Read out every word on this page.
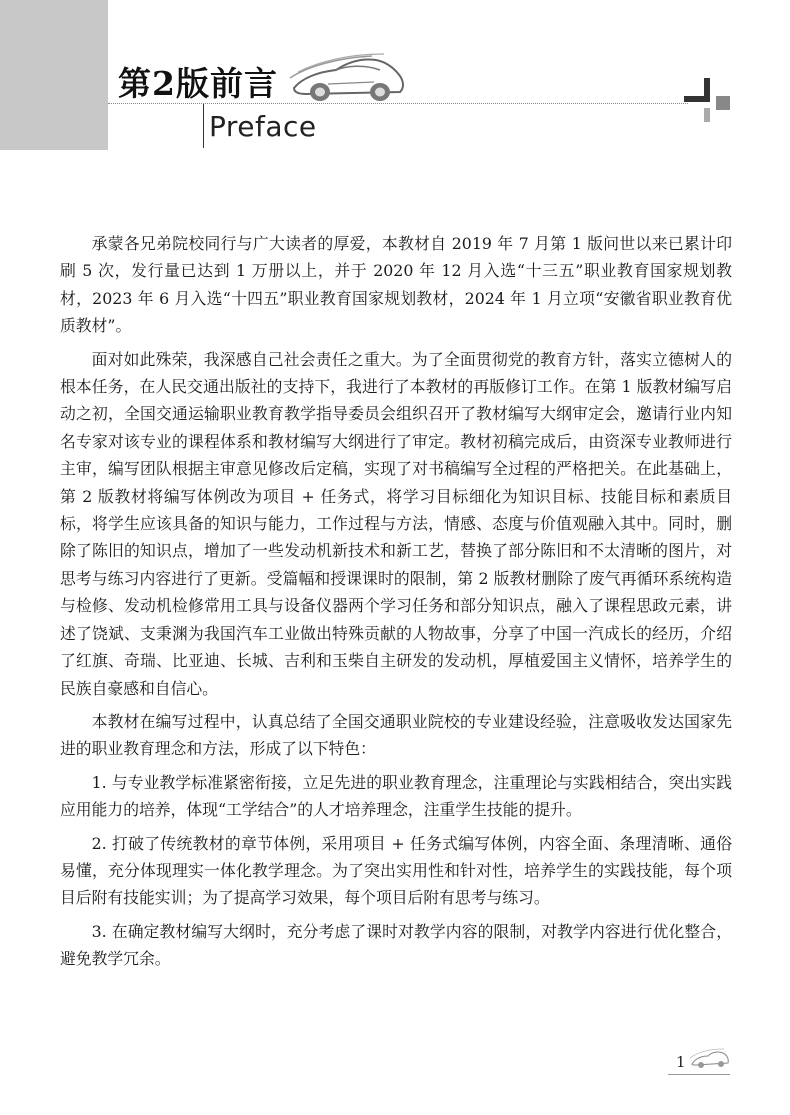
第2版前言
Preface

承蒙各兄弟院校同行与广大读者的厚爱，本教材自 2019 年 7 月第 1 版问世以来已累计印刷 5 次，发行量已达到 1 万册以上，并于 2020 年 12 月入选“十三五”职业教育国家规划教材，2023 年 6 月入选“十四五”职业教育国家规划教材，2024 年 1 月立项“安徽省职业教育优质教材”。

面对如此殊荣，我深感自己社会责任之重大。为了全面贯彻党的教育方针，落实立德树人的根本任务，在人民交通出版社的支持下，我进行了本教材的再版修订工作。在第 1 版教材编写启动之初，全国交通运输职业教育教学指导委员会组织召开了教材编写大纲审定会，邀请行业内知名专家对该专业的课程体系和教材编写大纲进行了审定。教材初稿完成后，由资深专业教师进行主审，编写团队根据主审意见修改后定稿，实现了对书稿编写全过程的严格把关。在此基础上，第 2 版教材将编写体例改为项目 + 任务式，将学习目标细化为知识目标、技能目标和素质目标，将学生应该具备的知识与能力，工作过程与方法，情感、态度与价值观融入其中。同时，删除了陈旧的知识点，增加了一些发动机新技术和新工艺，替换了部分陈旧和不太清晰的图片，对思考与练习内容进行了更新。受篇幅和授课课时的限制，第 2 版教材删除了废气再循环系统构造与检修、发动机检修常用工具与设备仪器两个学习任务和部分知识点，融入了课程思政元素，讲述了饶斌、支秉渊为我国汽车工业做出特殊贡献的人物故事，分享了中国一汽成长的经历，介绍了红旗、奇瑞、比亚迪、长城、吉利和玉柴自主研发的发动机，厚植爱国主义情怀，培养学生的民族自豪感和自信心。

本教材在编写过程中，认真总结了全国交通职业院校的专业建设经验，注意吸收发达国家先进的职业教育理念和方法，形成了以下特色：

1. 与专业教学标准紧密衔接，立足先进的职业教育理念，注重理论与实践相结合，突出实践应用能力的培养，体现“工学结合”的人才培养理念，注重学生技能的提升。

2. 打破了传统教材的章节体例，采用项目 + 任务式编写体例，内容全面、条理清晰、通俗易懂，充分体现理实一体化教学理念。为了突出实用性和针对性，培养学生的实践技能，每个项目后附有技能实训；为了提高学习效果，每个项目后附有思考与练习。

3. 在确定教材编写大纲时，充分考虑了课时对教学内容的限制，对教学内容进行优化整合，避免教学冗余。

1
